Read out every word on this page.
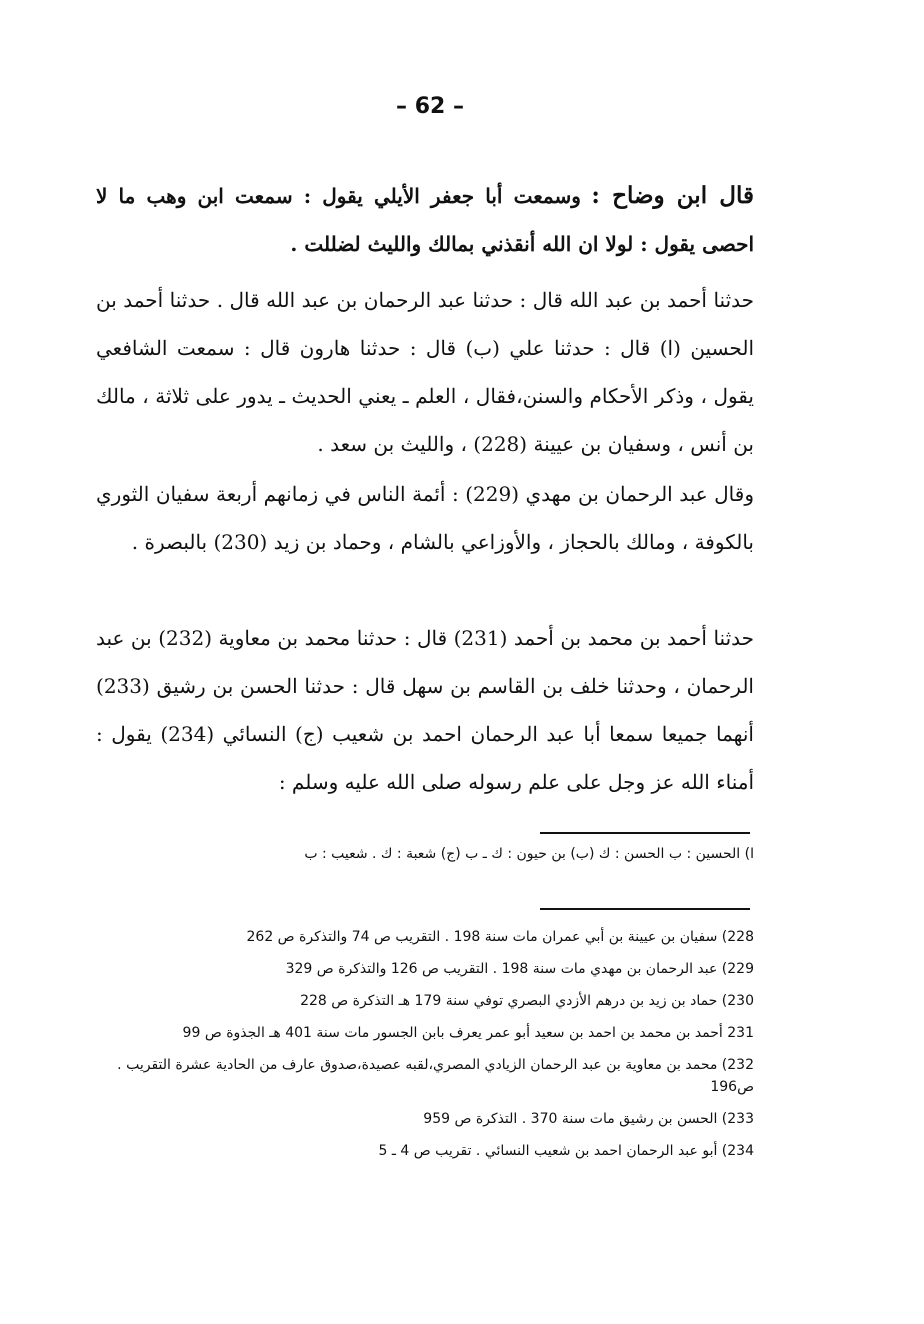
– 62 –

قال ابن وضاح : وسمعت أبا جعفر الأيلي يقول : سمعت ابن وهب ما لا احصى يقول : لولا ان الله أنقذني بمالك والليث لضللت .

حدثنا أحمد بن عبد الله قال : حدثنا عبد الرحمان بن عبد الله قال . حدثنا أحمد بن الحسين (ا) قال : حدثنا علي (ب) قال : حدثنا هارون قال : سمعت الشافعي يقول ، وذكر الأحكام والسنن،فقال ، العلم ـ يعني الحديث ـ يدور على ثلاثة ، مالك بن أنس ، وسفيان بن عيينة (228) ، والليث بن سعد .

وقال عبد الرحمان بن مهدي (229) : أئمة الناس في زمانهم أربعة سفيان الثوري بالكوفة ، ومالك بالحجاز ، والأوزاعي بالشام ، وحماد بن زيد (230) بالبصرة .

حدثنا أحمد بن محمد بن أحمد (231) قال : حدثنا محمد بن معاوية (232) بن عبد الرحمان ، وحدثنا خلف بن القاسم بن سهل قال : حدثنا الحسن بن رشيق (233) أنهما جميعا سمعا أبا عبد الرحمان احمد بن شعيب (ج) النسائي (234) يقول : أمناء الله عز وجل على علم رسوله صلى الله عليه وسلم :

ا) الحسين : ب الحسن : ك (ب) بن حيون : ك ـ ب (ج) شعبة : ك . شعيب : ب

228) سفيان بن عيينة بن أبي عمران مات سنة 198 . التقريب ص 74 والتذكرة ص 262

229) عبد الرحمان بن مهدي مات سنة 198 . التقريب ص 126 والتذكرة ص 329

230) حماد بن زيد بن درهم الأزدي البصري توفي سنة 179 هـ التذكرة ص 228

231 أحمد بن محمد بن احمد بن سعيد أبو عمر يعرف بابن الجسور مات سنة 401 هـ الجذوة ص 99

232) محمد بن معاوية بن عبد الرحمان الزيادي المصري،لقبه عصيدة،صدوق عارف من الحادية عشرة التقريب . ص196

233) الحسن بن رشيق مات سنة 370 . التذكرة ص 959

234) أبو عبد الرحمان احمد بن شعيب النسائي . تقريب ص 4 ـ 5
